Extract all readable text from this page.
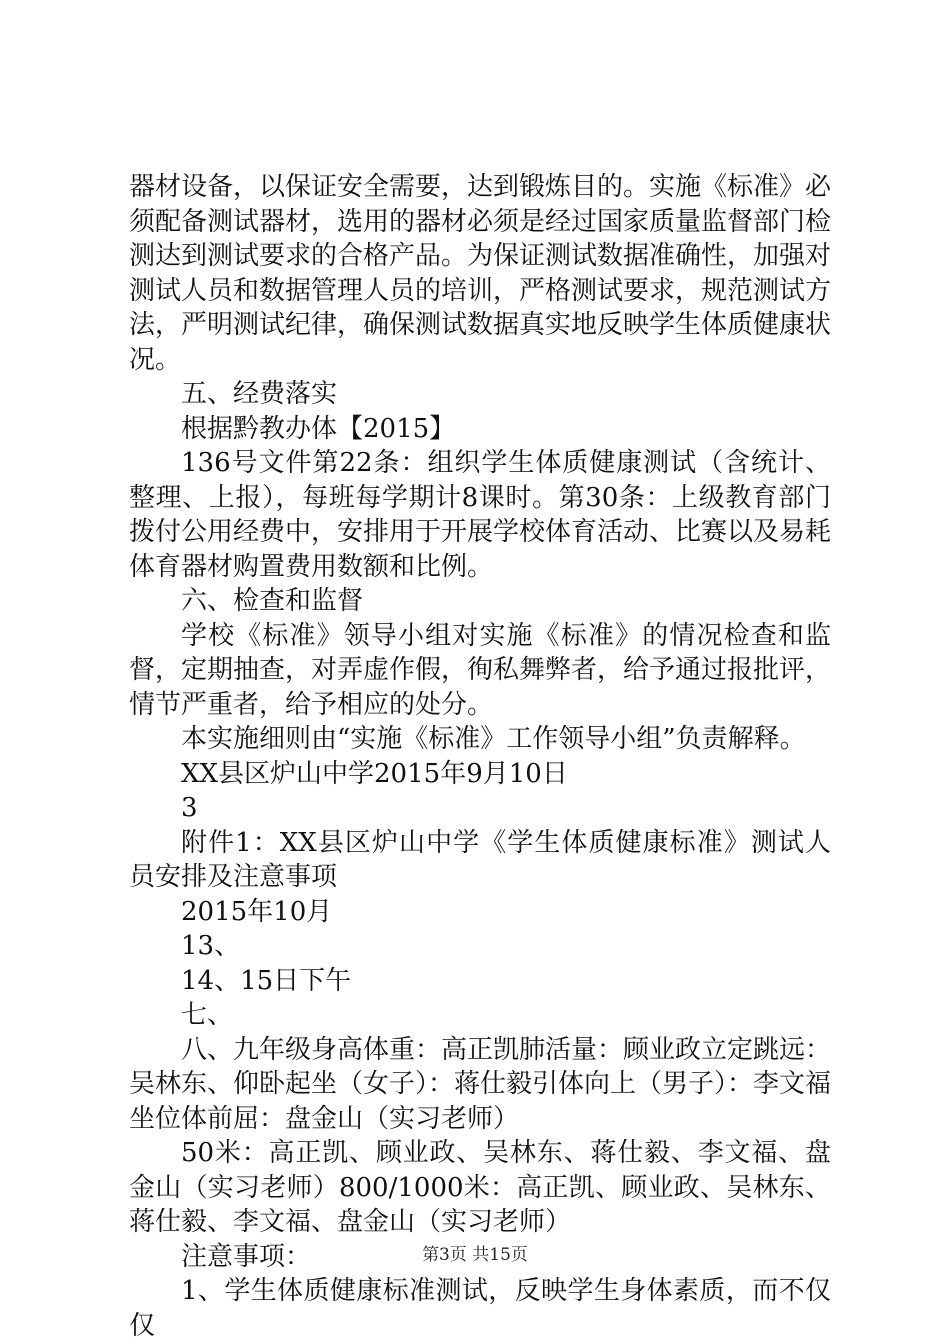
器材设备，以保证安全需要，达到锻炼目的。实施《标准》必须配备测试器材，选用的器材必须是经过国家质量监督部门检测达到测试要求的合格产品。为保证测试数据准确性，加强对测试人员和数据管理人员的培训，严格测试要求，规范测试方法，严明测试纪律，确保测试数据真实地反映学生体质健康状况。

五、经费落实

根据黔教办体【2015】

136号文件第22条：组织学生体质健康测试（含统计、整理、上报），每班每学期计8课时。第30条：上级教育部门拨付公用经费中，安排用于开展学校体育活动、比赛以及易耗体育器材购置费用数额和比例。

六、检查和监督

学校《标准》领导小组对实施《标准》的情况检查和监督，定期抽查，对弄虚作假，徇私舞弊者，给予通过报批评，情节严重者，给予相应的处分。

本实施细则由“实施《标准》工作领导小组”负责解释。

XX县区炉山中学2015年9月10日

3

附件1：XX县区炉山中学《学生体质健康标准》测试人员安排及注意事项

2015年10月

13、

14、15日下午

七、

八、九年级身高体重：高正凯肺活量：顾业政立定跳远：吴林东、仰卧起坐（女子）：蒋仕毅引体向上（男子）：李文福坐位体前屈：盘金山（实习老师）

50米：高正凯、顾业政、吴林东、蒋仕毅、李文福、盘金山（实习老师）800/1000米：高正凯、顾业政、吴林东、蒋仕毅、李文福、盘金山（实习老师）

注意事项：

1、学生体质健康标准测试，反映学生身体素质，而不仅仅

第3页 共15页
